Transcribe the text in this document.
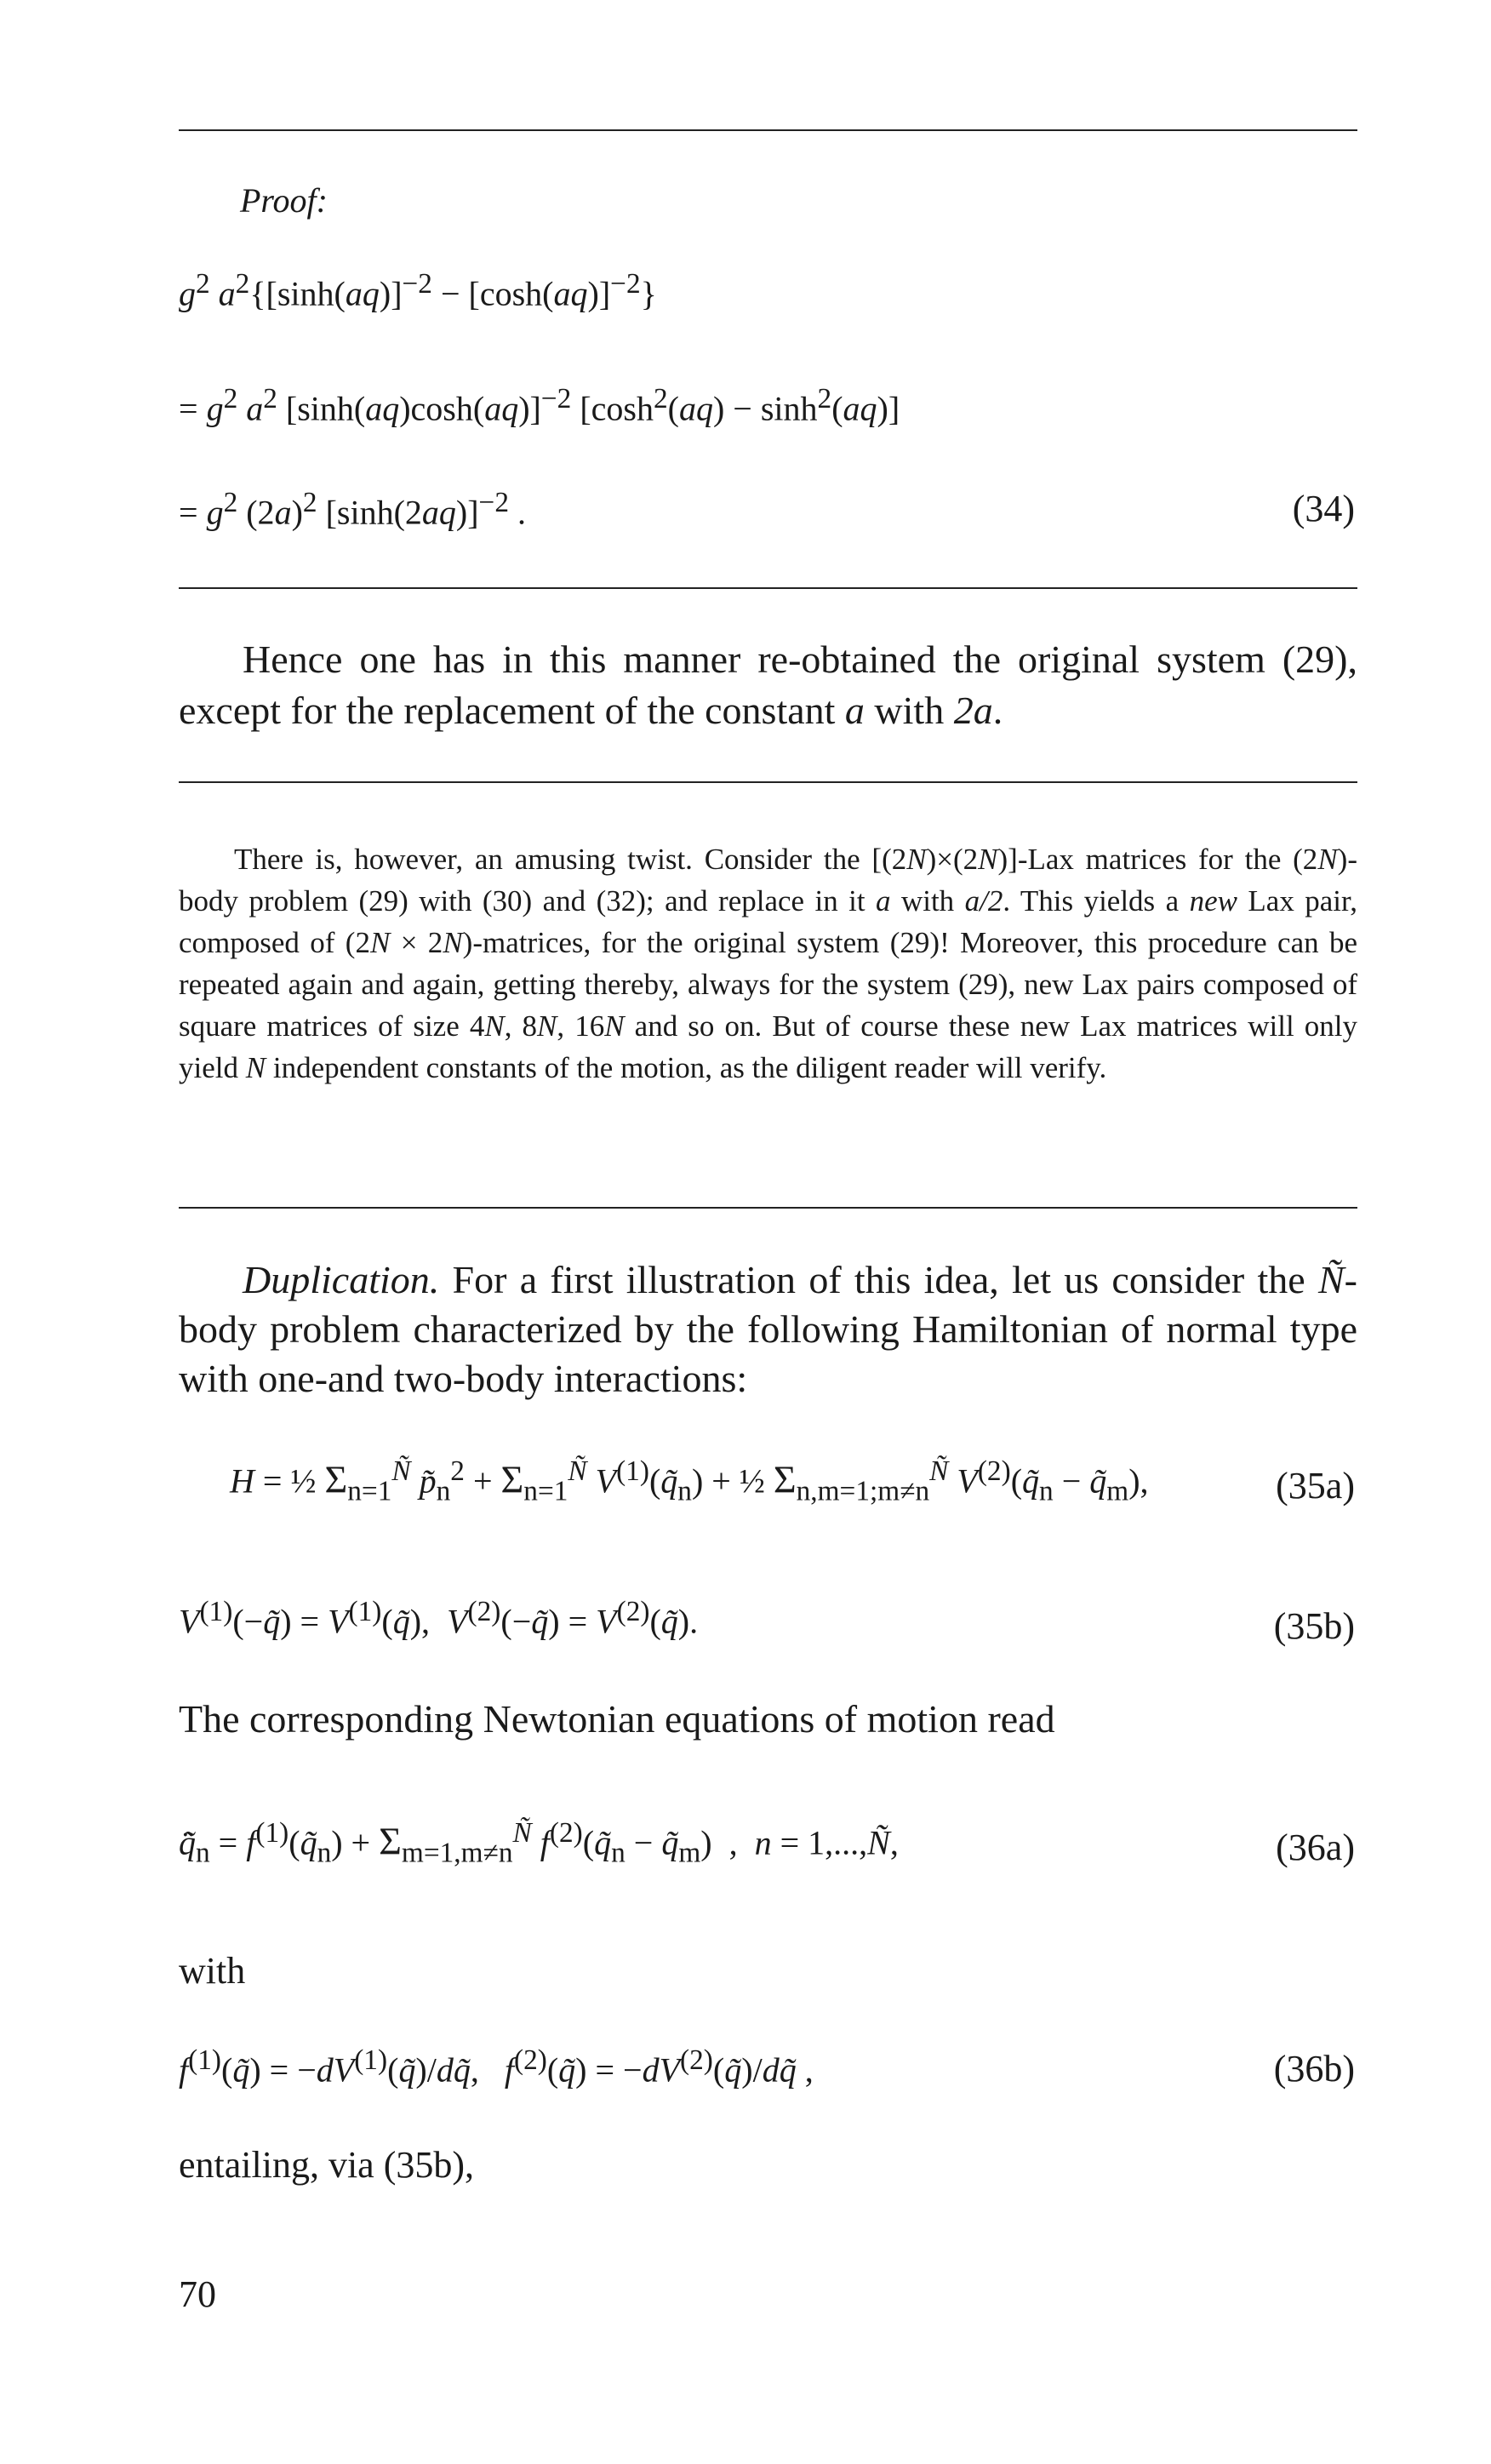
Proof:
$g^2$ $a^2\{[\sinh(aq)]^{-2} - [\cosh(aq)]^{-2}\}$
= $g^2$ $a^2$ $[\sinh(aq)\cosh(aq)]^{-2}$ $[\cosh^2(aq) - \sinh^2(aq)]$
= $g^2$ $(2a)^2$ $[\sinh(2aq)]^{-2}$ .	(34)
Hence one has in this manner re-obtained the original system (29), except for the replacement of the constant a with 2a.
There is, however, an amusing twist. Consider the [(2N)×(2N)]-Lax matrices for the (2N)-body problem (29) with (30) and (32); and replace in it a with a/2. This yields a new Lax pair, composed of (2N × 2N)-matrices, for the original system (29)! Moreover, this procedure can be repeated again and again, getting thereby, always for the system (29), new Lax pairs composed of square matrices of size 4N, 8N, 16N and so on. But of course these new Lax matrices will only yield N independent constants of the motion, as the diligent reader will verify.
Duplication. For a first illustration of this idea, let us consider the Ñ-body problem characterized by the following Hamiltonian of normal type with one-and two-body interactions:
H = ½ $\Sigma_{n=1}^Ñ$ $p̃_n^2 + \Sigma_{n=1}^Ñ$ $V^{(1)}(q̃_n)$ + ½ $\Sigma_{n,m=1;m\ne n}^Ñ$ $V^{(2)}(q̃_n$ − $q̃_m$),	(35a)
$V^{(1)}(-q̃)$ = $V^{(1)}(q̃)$,  $V^{(2)}(-q̃)$ = $V^{(2)}(q̃)$.	(35b)
The corresponding Newtonian equations of motion read
$q̃̈_n$ = $f^{(1)}(q̃_n) + \Sigma_{m=1,m\ne n}^Ñ$ $f^{(2)}(q̃_n$ − $q̃_m$)  ,  n = 1,...,Ñ,	(36a)
with
$f^{(1)}(q̃)$ = $-dV^{(1)}(q̃)/dq̃$,   $f^{(2)}(q̃)$ = $-dV^{(2)}(q̃)/dq̃$ ,	(36b)
entailing, via (35b),
70
